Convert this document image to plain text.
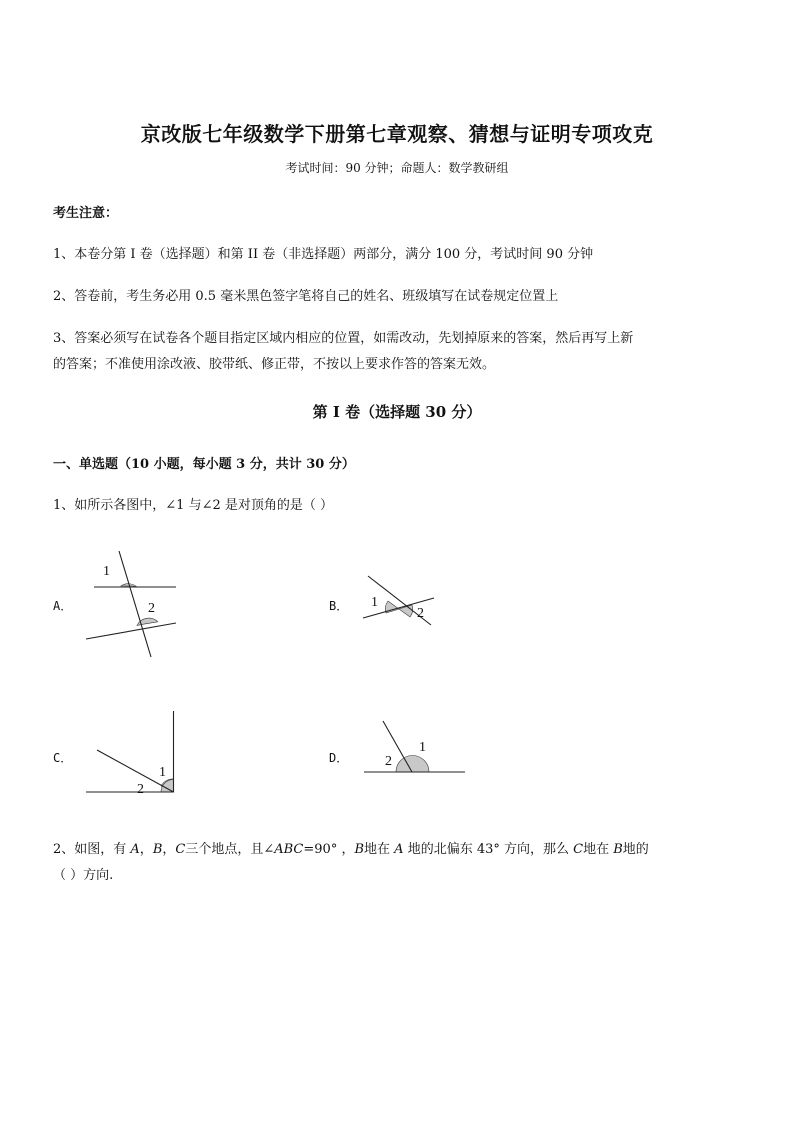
京改版七年级数学下册第七章观察、猜想与证明专项攻克
考试时间：90 分钟；命题人：数学教研组
考生注意：
1、本卷分第 I 卷（选择题）和第 II 卷（非选择题）两部分，满分 100 分，考试时间 90 分钟
2、答卷前，考生务必用 0.5 毫米黑色签字笔将自己的姓名、班级填写在试卷规定位置上
3、答案必须写在试卷各个题目指定区域内相应的位置，如需改动，先划掉原来的答案，然后再写上新
的答案；不准使用涂改液、胶带纸、修正带，不按以上要求作答的答案无效。
第 I 卷（选择题 30 分）
一、单选题（10 小题，每小题 3 分，共计 30 分）
1、如所示各图中，∠1 与∠2 是对顶角的是（ ）
A．
1
2	B． 1
2
C．
1
2
D．
1
2
2、如图，有 A，B，C三个地点，且∠ABC=90° ，B地在 A 地的北偏东 43° 方向，那么 C地在 B地的
（ ）方向.
